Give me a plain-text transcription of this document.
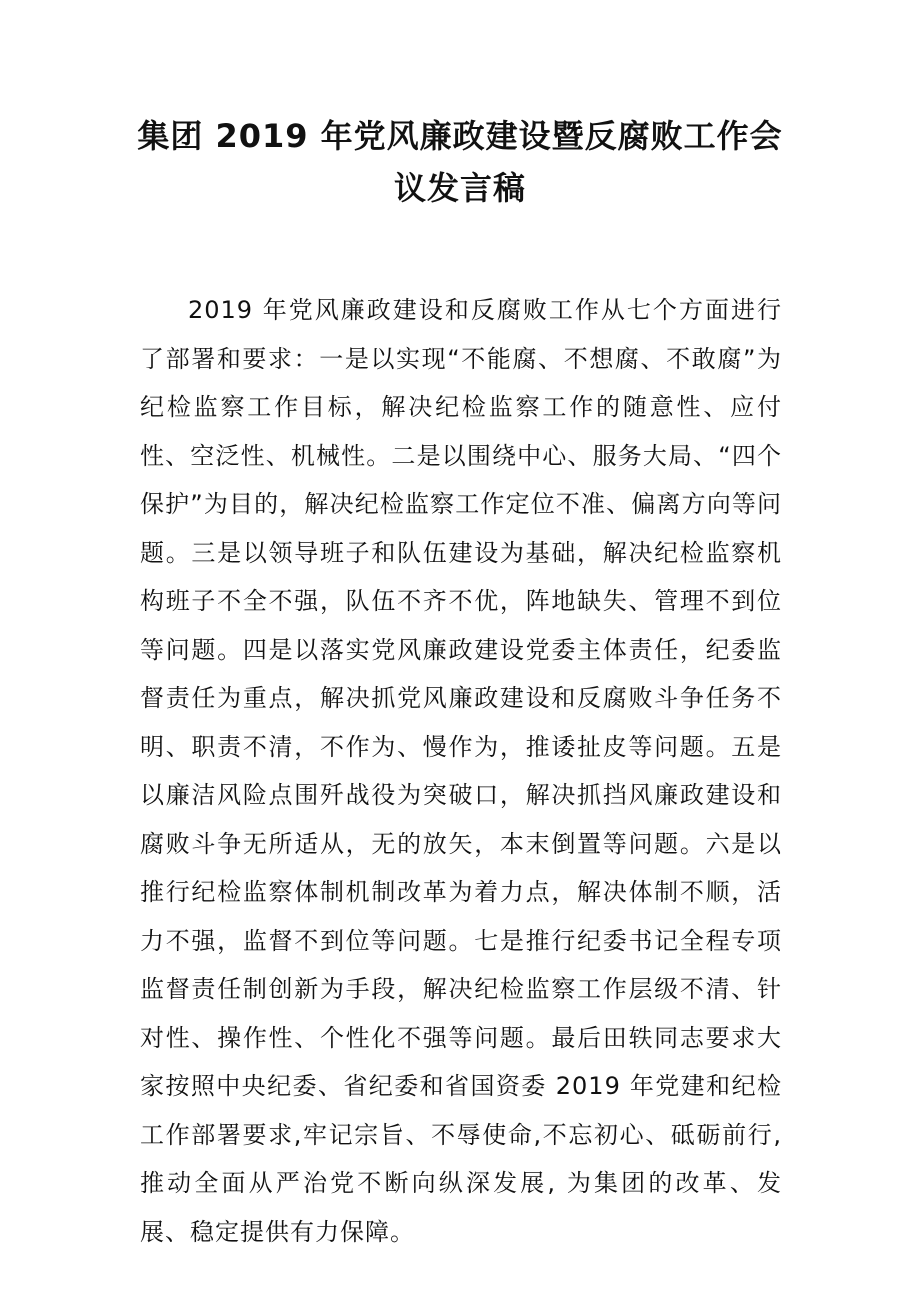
集团 2019 年党风廉政建设暨反腐败工作会
议发言稿

2019 年党风廉政建设和反腐败工作从七个方面进行了部署和要求：一是以实现“不能腐、不想腐、不敢腐”为纪检监察工作目标，解决纪检监察工作的随意性、应付性、空泛性、机械性。二是以围绕中心、服务大局、“四个保护”为目的，解决纪检监察工作定位不准、偏离方向等问题。三是以领导班子和队伍建设为基础，解决纪检监察机构班子不全不强，队伍不齐不优，阵地缺失、管理不到位等问题。四是以落实党风廉政建设党委主体责任，纪委监督责任为重点，解决抓党风廉政建设和反腐败斗争任务不明、职责不清，不作为、慢作为，推诿扯皮等问题。五是以廉洁风险点围歼战役为突破口，解决抓挡风廉政建设和腐败斗争无所适从，无的放矢，本末倒置等问题。六是以推行纪检监察体制机制改革为着力点，解决体制不顺，活力不强，监督不到位等问题。七是推行纪委书记全程专项监督责任制创新为手段，解决纪检监察工作层级不清、针对性、操作性、个性化不强等问题。最后田轶同志要求大家按照中央纪委、省纪委和省国资委 2019 年党建和纪检工作部署要求,牢记宗旨、不辱使命,不忘初心、砥砺前行,推动全面从严治党不断向纵深发展, 为集团的改革、发展、稳定提供有力保障。
